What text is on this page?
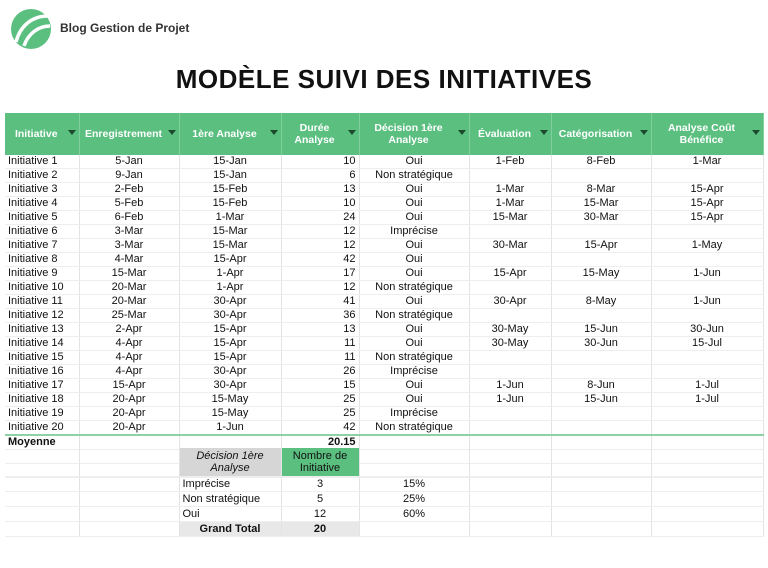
Blog Gestion de Projet
MODÈLE SUIVI DES INITIATIVES
Initiative	Enregistrement	1ère Analyse	Durée Analyse	Décision 1ère Analyse	Évaluation	Catégorisation	Analyse Coût Bénéfice

Initiative 1	5-Jan	15-Jan	10	Oui	1-Feb	8-Feb	1-Mar
Initiative 2	9-Jan	15-Jan	6	Non stratégique			
Initiative 3	2-Feb	15-Feb	13	Oui	1-Mar	8-Mar	15-Apr
Initiative 4	5-Feb	15-Feb	10	Oui	1-Mar	15-Mar	15-Apr
Initiative 5	6-Feb	1-Mar	24	Oui	15-Mar	30-Mar	15-Apr
Initiative 6	3-Mar	15-Mar	12	Imprécise			
Initiative 7	3-Mar	15-Mar	12	Oui	30-Mar	15-Apr	1-May
Initiative 8	4-Mar	15-Apr	42	Oui			
Initiative 9	15-Mar	1-Apr	17	Oui	15-Apr	15-May	1-Jun
Initiative 10	20-Mar	1-Apr	12	Non stratégique			
Initiative 11	20-Mar	30-Apr	41	Oui	30-Apr	8-May	1-Jun
Initiative 12	25-Mar	30-Apr	36	Non stratégique			
Initiative 13	2-Apr	15-Apr	13	Oui	30-May	15-Jun	30-Jun
Initiative 14	4-Apr	15-Apr	11	Oui	30-May	30-Jun	15-Jul
Initiative 15	4-Apr	15-Apr	11	Non stratégique			
Initiative 16	4-Apr	30-Apr	26	Imprécise			
Initiative 17	15-Apr	30-Apr	15	Oui	1-Jun	8-Jun	1-Jul
Initiative 18	20-Apr	15-May	25	Oui	1-Jun	15-Jun	1-Jul
Initiative 19	20-Apr	15-May	25	Imprécise			
Initiative 20	20-Apr	1-Jun	42	Non stratégique			
Moyenne			20.15				

		Décision 1ère Analyse	Nombre de Initiative				
		Imprécise	3	15%			
		Non stratégique	5	25%			
		Oui	12	60%			
		Grand Total	20				
